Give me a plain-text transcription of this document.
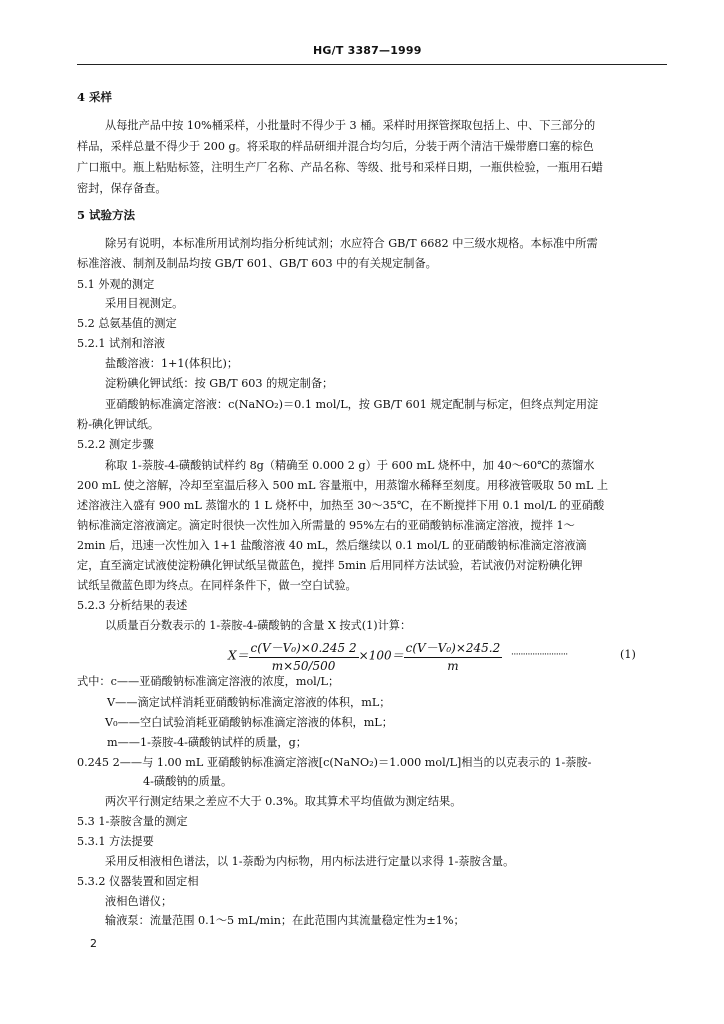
HG/T 3387—1999
4 采样
从每批产品中按 10%桶采样，小批量时不得少于 3 桶。采样时用探管探取包括上、中、下三部分的
样品，采样总量不得少于 200 g。将采取的样品研细并混合均匀后，分装于两个清洁干燥带磨口塞的棕色
广口瓶中。瓶上粘贴标签，注明生产厂名称、产品名称、等级、批号和采样日期，一瓶供检验，一瓶用石蜡
密封，保存备查。
5 试验方法
除另有说明，本标准所用试剂均指分析纯试剂；水应符合 GB/T 6682 中三级水规格。本标准中所需
标准溶液、制剂及制品均按 GB/T 601、GB/T 603 中的有关规定制备。
5.1 外观的测定
采用目视测定。
5.2 总氨基值的测定
5.2.1 试剂和溶液
盐酸溶液：1+1(体积比)；
淀粉碘化钾试纸：按 GB/T 603 的规定制备；
亚硝酸钠标准滴定溶液：c(NaNO₂)＝0.1 mol/L，按 GB/T 601 规定配制与标定，但终点判定用淀
粉-碘化钾试纸。
5.2.2 测定步骤
称取 1-萘胺-4-磺酸钠试样约 8g（精确至 0.000 2 g）于 600 mL 烧杯中，加 40～60℃的蒸馏水
200 mL 使之溶解，冷却至室温后移入 500 mL 容量瓶中，用蒸馏水稀释至刻度。用移液管吸取 50 mL 上
述溶液注入盛有 900 mL 蒸馏水的 1 L 烧杯中，加热至 30～35℃，在不断搅拌下用 0.1 mol/L 的亚硝酸
钠标准滴定溶液滴定。滴定时很快一次性加入所需量的 95%左右的亚硝酸钠标准滴定溶液，搅拌 1～
2min 后，迅速一次性加入 1+1 盐酸溶液 40 mL，然后继续以 0.1 mol/L 的亚硝酸钠标准滴定溶液滴
定，直至滴定试液使淀粉碘化钾试纸呈微蓝色，搅拌 5min 后用同样方法试验，若试液仍对淀粉碘化钾
试纸呈微蓝色即为终点。在同样条件下，做一空白试验。
5.2.3 分析结果的表述
以质量百分数表示的 1-萘胺-4-磺酸钠的含量 X 按式(1)计算：
$X= \frac{\text{c(V－V₀)×0.245 2}}{m\times 50/500} \times 100= \frac{\text{c(V－V₀)×245.2}}{m}$ ························	(1)
式中：c——亚硝酸钠标准滴定溶液的浓度，mol/L；
V——滴定试样消耗亚硝酸钠标准滴定溶液的体积，mL；
V₀——空白试验消耗亚硝酸钠标准滴定溶液的体积，mL；
m——1-萘胺-4-磺酸钠试样的质量，g；
0.245 2——与 1.00 mL 亚硝酸钠标准滴定溶液[c(NaNO₂)＝1.000 mol/L]相当的以克表示的 1-萘胺-
4-磺酸钠的质量。
两次平行测定结果之差应不大于 0.3%。取其算术平均值做为测定结果。
5.3 1-萘胺含量的测定
5.3.1 方法提要
采用反相液相色谱法，以 1-萘酚为内标物，用内标法进行定量以求得 1-萘胺含量。
5.3.2 仪器装置和固定相
液相色谱仪；
输液泵：流量范围 0.1～5 mL/min；在此范围内其流量稳定性为±1%；
2
